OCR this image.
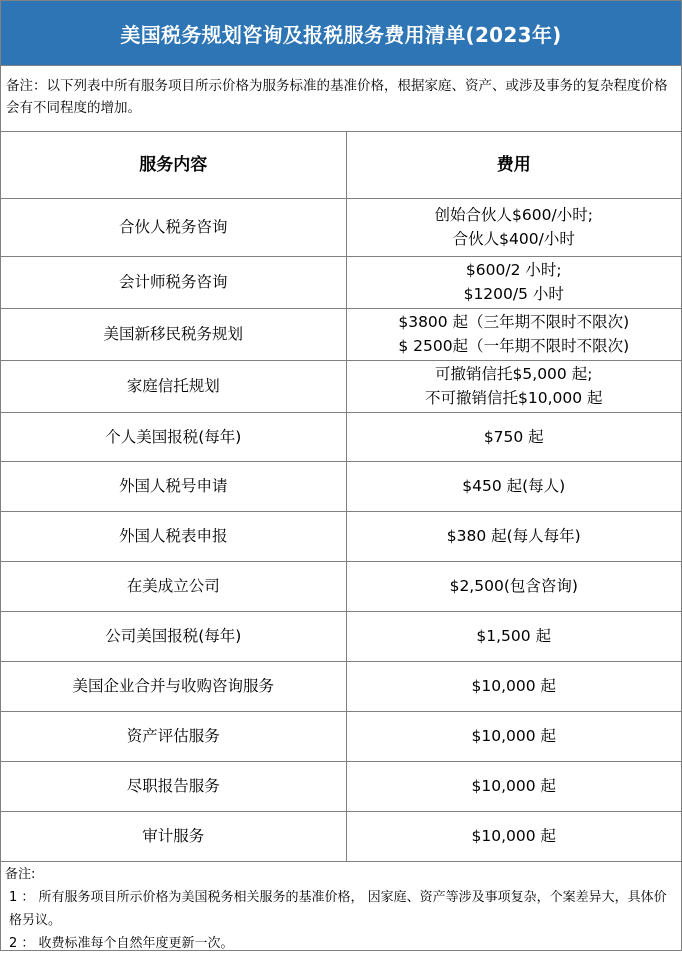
美国税务规划咨询及报税服务费用清单(2023年)
备注：以下列表中所有服务项目所示价格为服务标准的基准价格，根据家庭、资产、或涉及事务的复杂程度价格会有不同程度的增加。
服务内容	费用
合伙人税务咨询	创始合伙人$600/小时;
合伙人$400/小时

会计师税务咨询	$600/2 小时;
$1200/5 小时

美国新移民税务规划	$3800 起（三年期不限时不限次)
$ 2500起（一年期不限时不限次)

家庭信托规划	可撤销信托$5,000 起;
不可撤销信托$10,000 起

个人美国报税(每年)	$750 起

外国人税号申请	$450 起(每人)

外国人税表申报	$380 起(每人每年)

在美成立公司	$2,500(包含咨询)

公司美国报税(每年)	$1,500 起

美国企业合并与收购咨询服务	$10,000 起

资产评估服务	$10,000 起

尽职报告服务	$10,000 起

审计服务	$10,000 起
备注:
1 ： 所有服务项目所示价格为美国税务相关服务的基准价格， 因家庭、资产等涉及事项复杂，个案差异大，具体价格另议。
2 ： 收费标准每个自然年度更新一次。
